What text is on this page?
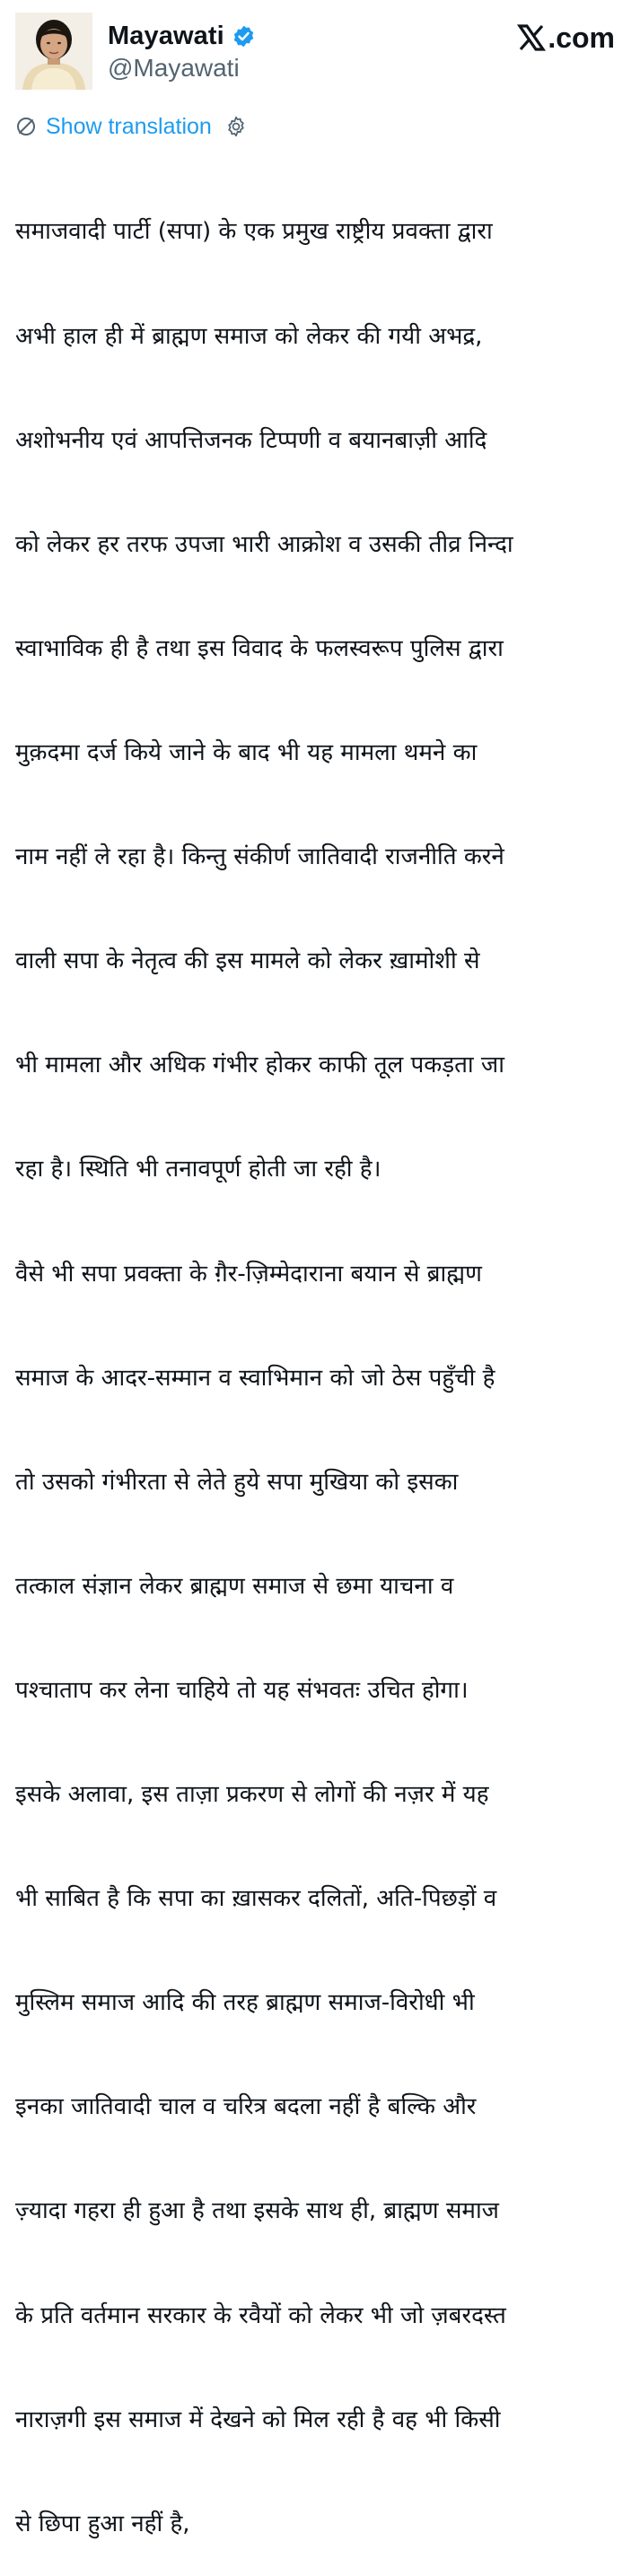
Mayawati
@Mayawati
.com
Show translation

समाजवादी पार्टी (सपा) के एक प्रमुख राष्ट्रीय प्रवक्ता द्वारा

अभी हाल ही में ब्राह्मण समाज को लेकर की गयी अभद्र,

अशोभनीय एवं आपत्तिजनक टिप्पणी व बयानबाज़ी आदि

को लेकर हर तरफ उपजा भारी आक्रोश व उसकी तीव्र निन्दा

स्वाभाविक ही है तथा इस विवाद के फलस्वरूप पुलिस द्वारा

मुक़दमा दर्ज किये जाने के बाद भी यह मामला थमने का

नाम नहीं ले रहा है। किन्तु संकीर्ण जातिवादी राजनीति करने

वाली सपा के नेतृत्व की इस मामले को लेकर ख़ामोशी से

भी मामला और अधिक गंभीर होकर काफी तूल पकड़ता जा

रहा है। स्थिति भी तनावपूर्ण होती जा रही है।

वैसे भी सपा प्रवक्ता के ग़ैर-ज़िम्मेदाराना बयान से ब्राह्मण

समाज के आदर-सम्मान व स्वाभिमान को जो ठेस पहुँची है

तो उसको गंभीरता से लेते हुये सपा मुखिया को इसका

तत्काल संज्ञान लेकर ब्राह्मण समाज से छमा याचना व

पश्चाताप कर लेना चाहिये तो यह संभवतः उचित होगा।

इसके अलावा, इस ताज़ा प्रकरण से लोगों की नज़र में यह

भी साबित है कि सपा का ख़ासकर दलितों, अति-पिछड़ों व

मुस्लिम समाज आदि की तरह ब्राह्मण समाज-विरोधी भी

इनका जातिवादी चाल व चरित्र बदला नहीं है बल्कि और

ज़्यादा गहरा ही हुआ है तथा इसके साथ ही, ब्राह्मण समाज

के प्रति वर्तमान सरकार के रवैयों को लेकर भी जो ज़बरदस्त

नाराज़गी इस समाज में देखने को मिल रही है वह भी किसी

से छिपा हुआ नहीं है,
